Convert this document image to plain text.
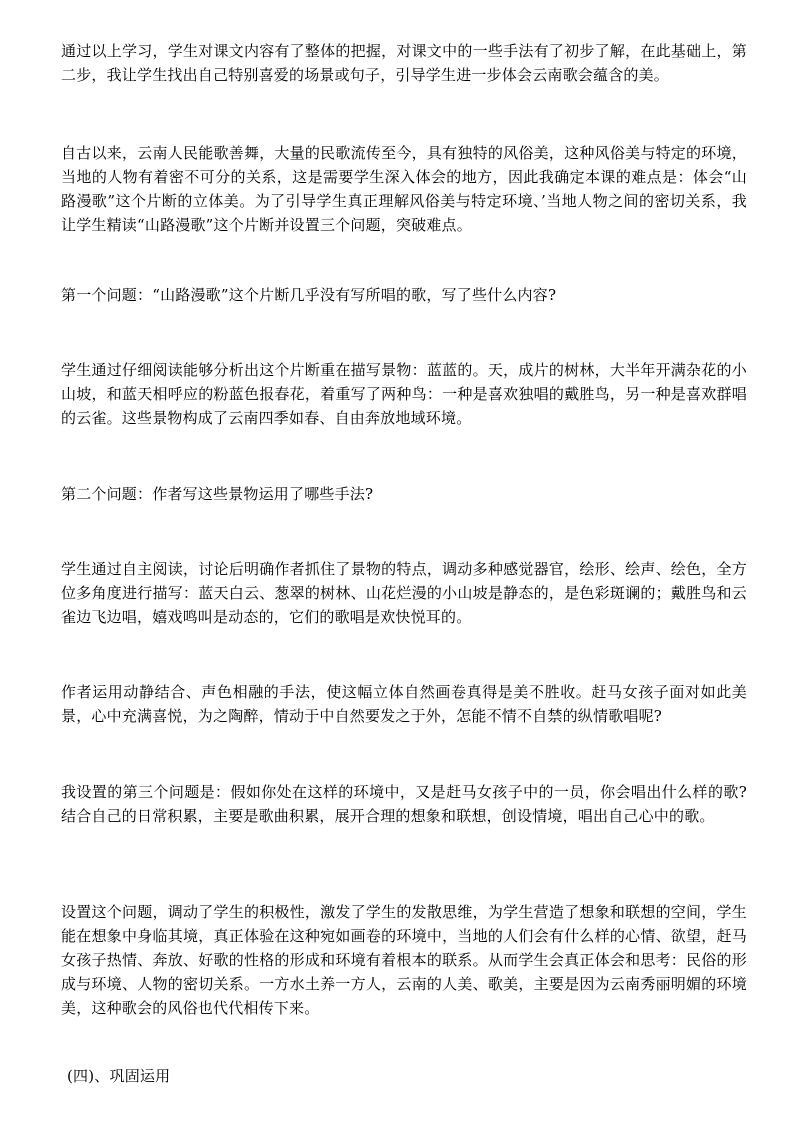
通过以上学习，学生对课文内容有了整体的把握，对课文中的一些手法有了初步了解，在此基础上，第二步，我让学生找出自己特别喜爱的场景或句子，引导学生进一步体会云南歌会蕴含的美。

自古以来，云南人民能歌善舞，大量的民歌流传至今，具有独特的风俗美，这种风俗美与特定的环境，当地的人物有着密不可分的关系，这是需要学生深入体会的地方，因此我确定本课的难点是：体会“山路漫歌”这个片断的立体美。为了引导学生真正理解风俗美与特定环境、’当地人物之间的密切关系，我让学生精读“山路漫歌”这个片断并设置三个问题，突破难点。

第一个问题：“山路漫歌”这个片断几乎没有写所唱的歌，写了些什么内容?

学生通过仔细阅读能够分析出这个片断重在描写景物：蓝蓝的。天，成片的树林，大半年开满杂花的小山坡，和蓝天相呼应的粉蓝色报春花，着重写了两种鸟：一种是喜欢独唱的戴胜鸟，另一种是喜欢群唱的云雀。这些景物构成了云南四季如春、自由奔放地域环境。

第二个问题：作者写这些景物运用了哪些手法?

学生通过自主阅读，讨论后明确作者抓住了景物的特点，调动多种感觉器官，绘形、绘声、绘色，全方位多角度进行描写：蓝天白云、葱翠的树林、山花烂漫的小山坡是静态的，是色彩斑谰的；戴胜鸟和云雀边飞边唱，嬉戏鸣叫是动态的，它们的歌唱是欢快悦耳的。

作者运用动静结合、声色相融的手法，使这幅立体自然画卷真得是美不胜收。赶马女孩子面对如此美景，心中充满喜悦，为之陶醉，情动于中自然要发之于外，怎能不情不自禁的纵情歌唱呢?

我设置的第三个问题是：假如你处在这样的环境中，又是赶马女孩子中的一员，你会唱出什么样的歌?结合自己的日常积累，主要是歌曲积累，展开合理的想象和联想，创设情境，唱出自己心中的歌。

设置这个问题，调动了学生的积极性，激发了学生的发散思维，为学生营造了想象和联想的空间，学生能在想象中身临其境，真正体验在这种宛如画卷的环境中，当地的人们会有什么样的心情、欲望，赶马女孩子热情、奔放、好歌的性格的形成和环境有着根本的联系。从而学生会真正体会和思考：民俗的形成与环境、人物的密切关系。一方水土养一方人，云南的人美、歌美，主要是因为云南秀丽明媚的环境美，这种歌会的风俗也代代相传下来。

(四)、巩固运用
